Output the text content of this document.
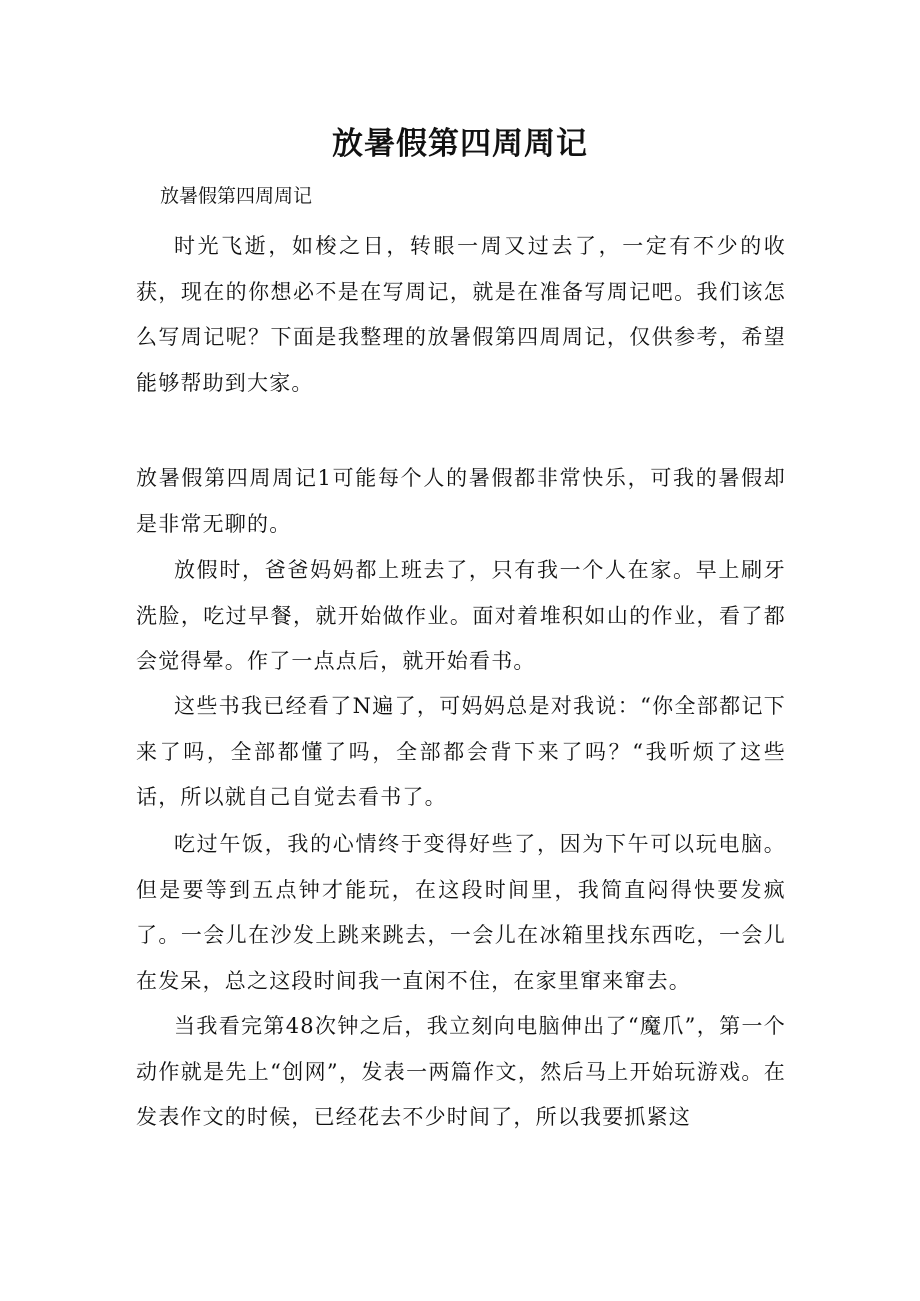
放暑假第四周周记

放暑假第四周周记

时光飞逝，如梭之日，转眼一周又过去了，一定有不少的收获，现在的你想必不是在写周记，就是在准备写周记吧。我们该怎么写周记呢？下面是我整理的放暑假第四周周记，仅供参考，希望能够帮助到大家。

放暑假第四周周记1可能每个人的暑假都非常快乐，可我的暑假却是非常无聊的。

放假时，爸爸妈妈都上班去了，只有我一个人在家。早上刷牙洗脸，吃过早餐，就开始做作业。面对着堆积如山的作业，看了都会觉得晕。作了一点点后，就开始看书。

这些书我已经看了N遍了，可妈妈总是对我说：“你全部都记下来了吗，全部都懂了吗，全部都会背下来了吗？“我听烦了这些话，所以就自己自觉去看书了。

吃过午饭，我的心情终于变得好些了，因为下午可以玩电脑。但是要等到五点钟才能玩，在这段时间里，我简直闷得快要发疯了。一会儿在沙发上跳来跳去，一会儿在冰箱里找东西吃，一会儿在发呆，总之这段时间我一直闲不住，在家里窜来窜去。

当我看完第48次钟之后，我立刻向电脑伸出了“魔爪”，第一个动作就是先上“创网”，发表一两篇作文，然后马上开始玩游戏。在发表作文的时候，已经花去不少时间了，所以我要抓紧这
